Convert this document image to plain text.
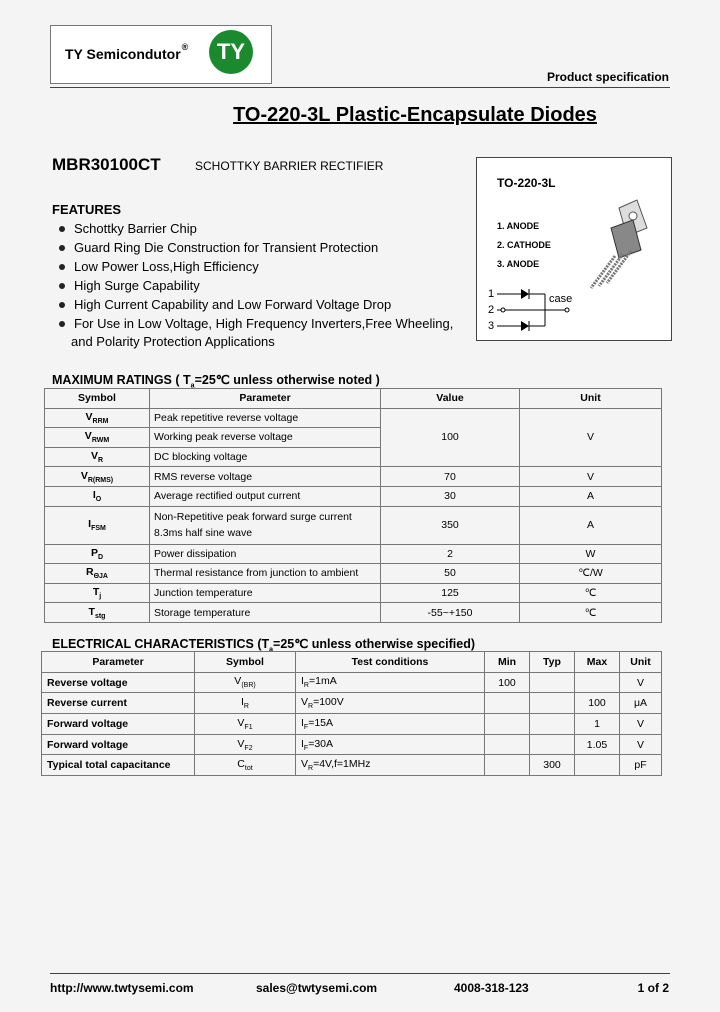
TY Semicondutor®	TY
Product specification
TO-220-3L Plastic-Encapsulate Diodes
MBR30100CT	SCHOTTKY BARRIER RECTIFIER
FEATURES
Schottky Barrier Chip
Guard Ring Die Construction for Transient Protection
Low Power Loss,High Efficiency
High Surge Capability
High Current Capability and Low Forward Voltage Drop
For Use in Low Voltage, High Frequency Inverters,Free Wheeling,
and Polarity Protection Applications
TO-220-3L
1. ANODE
2. CATHODE
3. ANODE
1
2
3
case
MAXIMUM RATINGS ( $T_a=25℃$ unless otherwise noted )
Symbol	Parameter	Value	Unit
$V_{RRM}$	Peak repetitive reverse voltage	100	V
$V_{RWM}$	Working peak reverse voltage		
$V_R$	DC blocking voltage		
$V_{R(RMS)}$	RMS reverse voltage	70	V
$I_O$	Average rectified output current	30	A
$I_{FSM}$	Non-Repetitive peak forward surge current
8.3ms half sine wave	350	A
$P_D$	Power dissipation	2	W
$R_{\Theta JA}$	Thermal resistance from junction to ambient	50	℃/W
$T_j$	Junction temperature	125	℃
$T_{stg}$	Storage temperature	-55~+150	℃
ELECTRICAL CHARACTERISTICS ($T_a=25℃$ unless otherwise specified)
Parameter	Symbol	Test conditions	Min	Typ	Max	Unit
Reverse voltage	$V_{(BR)}$	$I_R=1mA$	100			V
Reverse current	$I_R$	$V_R=100V$			100	μA
Forward voltage	$V_{F1}$	$I_F=15A$			1	V
Forward voltage	$V_{F2}$	$I_F=30A$			1.05	V
Typical total capacitance	$C_{tot}$	$V_R=4V,f=1MHz$		300		pF
http://www.twtysemi.com	sales@twtysemi.com	4008-318-123	1 of 2
